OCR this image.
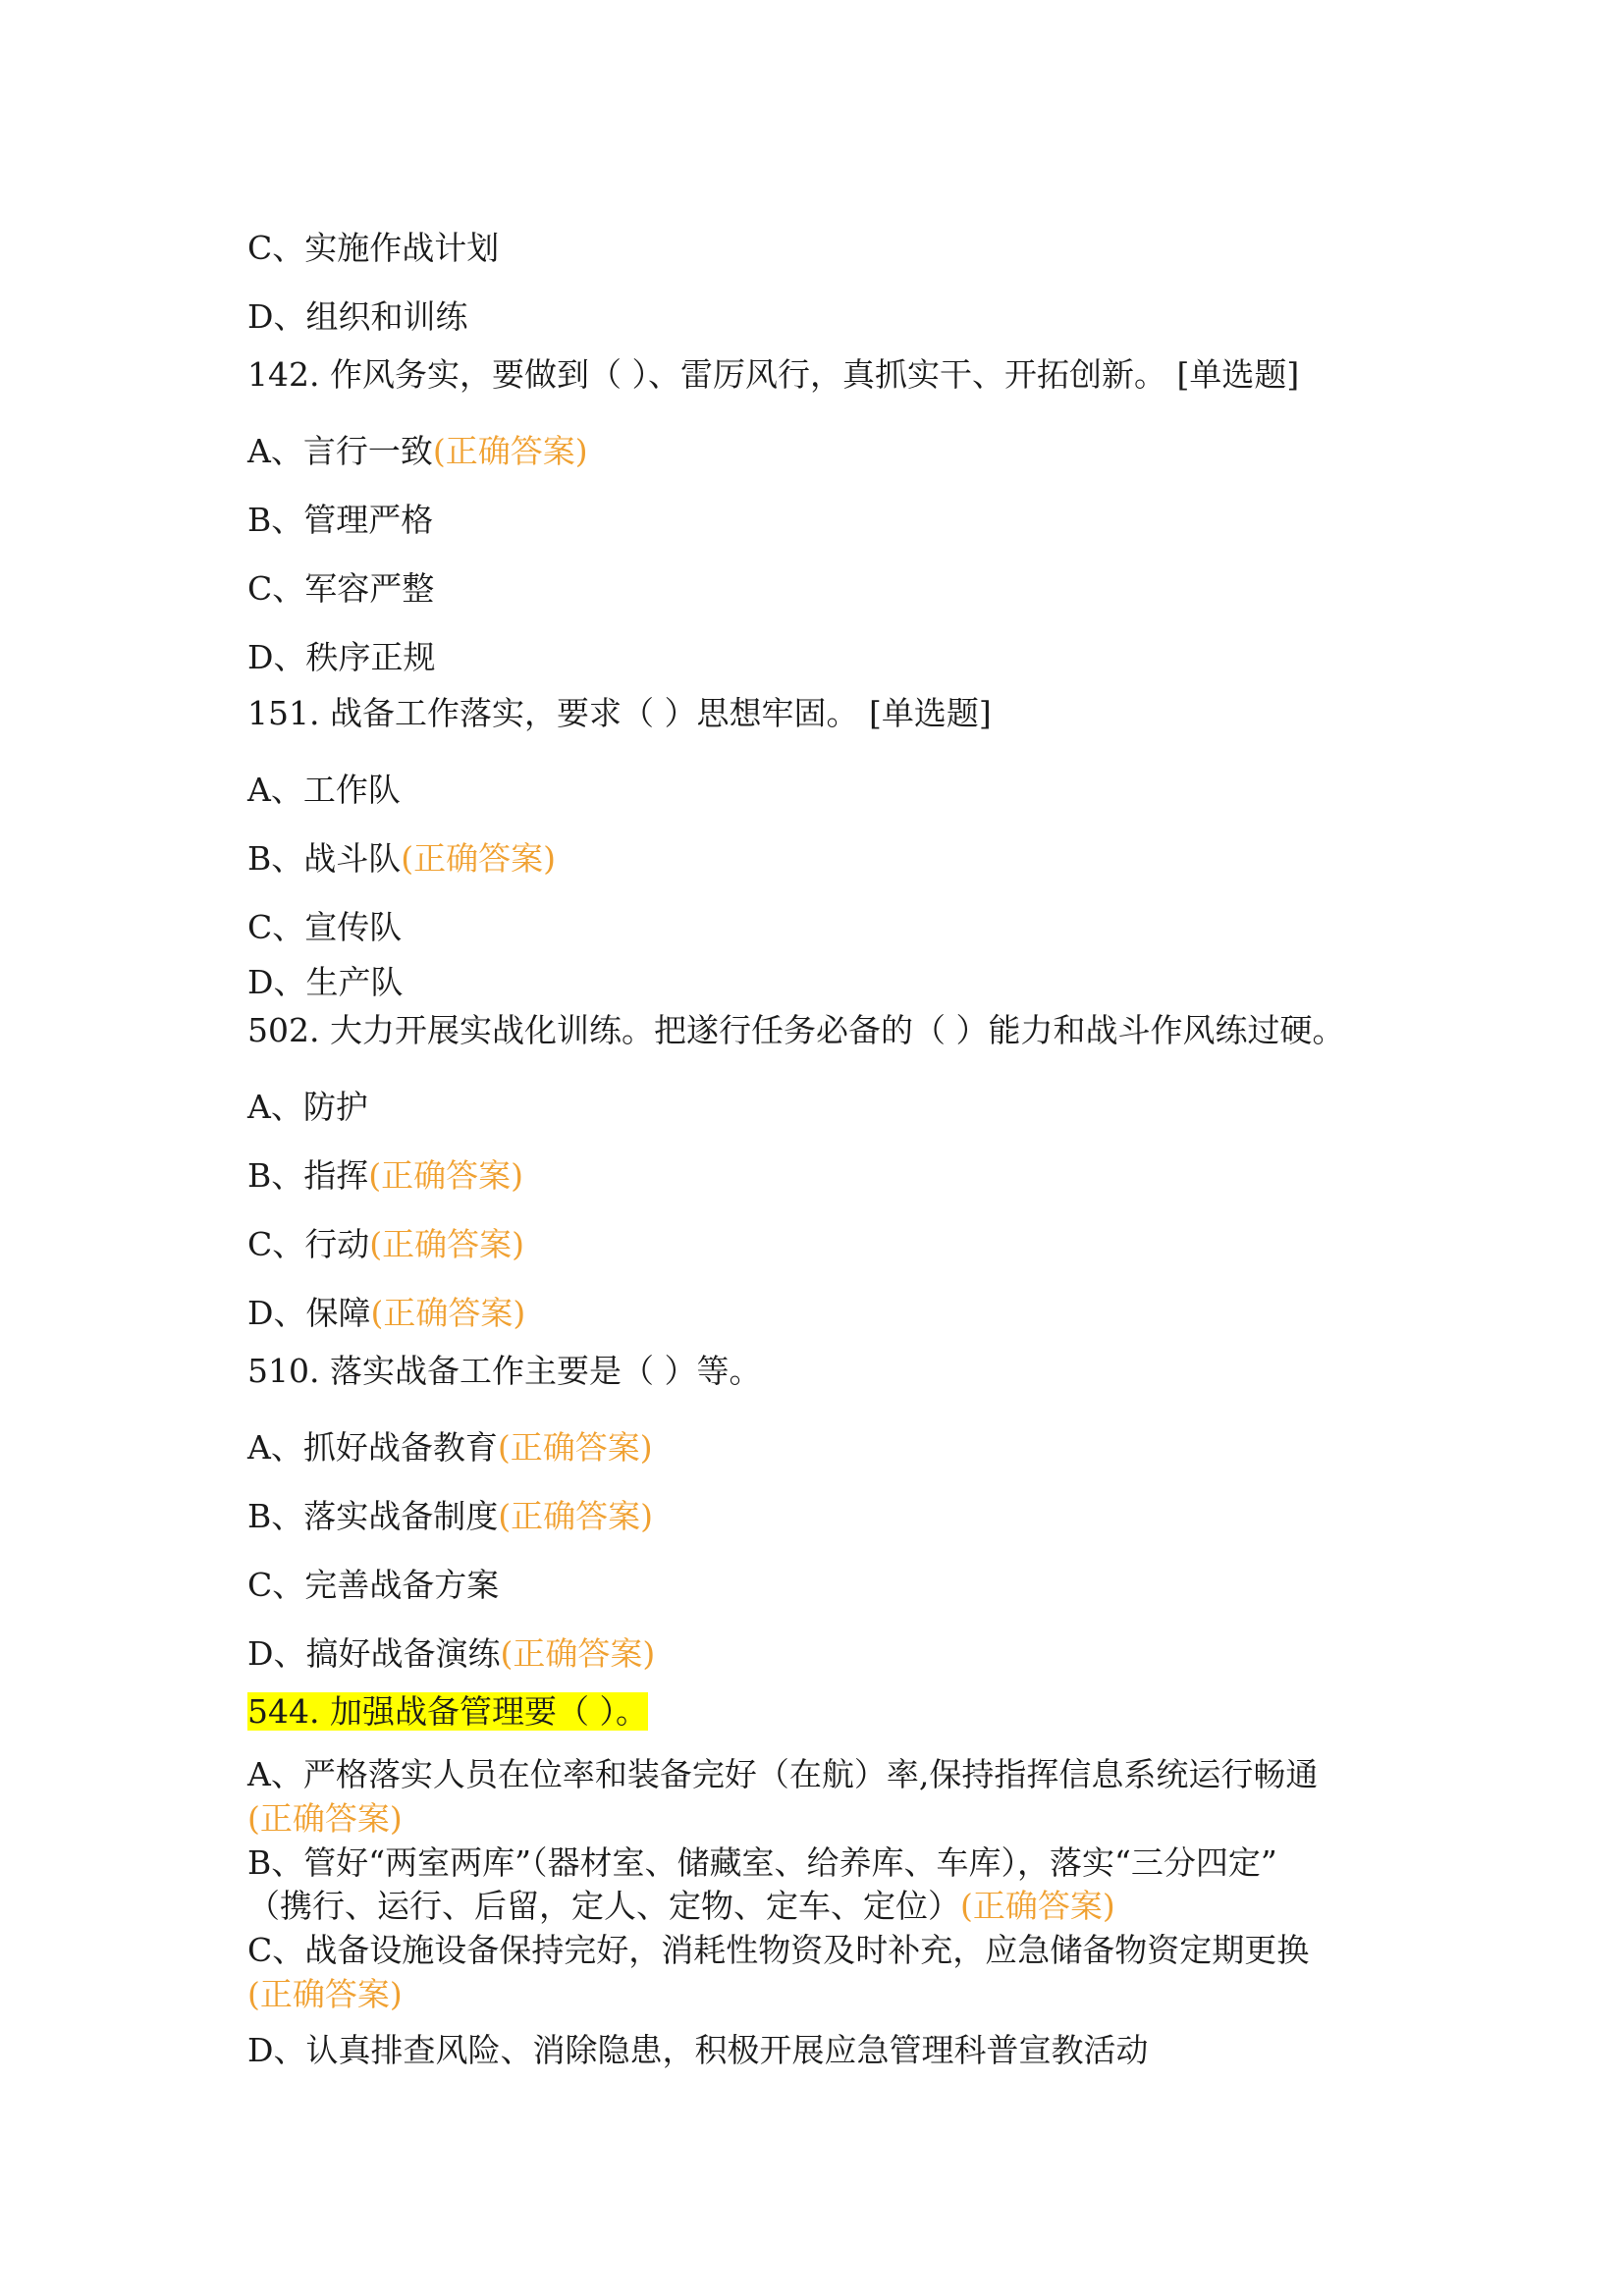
C、实施作战计划
D、组织和训练
142. 作风务实，要做到（ ）、雷厉风行，真抓实干、开拓创新。 [单选题]
A、言行一致(正确答案)
B、管理严格
C、军容严整
D、秩序正规
151. 战备工作落实，要求（ ）思想牢固。 [单选题]
A、工作队
B、战斗队(正确答案)
C、宣传队
D、生产队
502. 大力开展实战化训练。把遂行任务必备的（ ）能力和战斗作风练过硬。
A、防护
B、指挥(正确答案)
C、行动(正确答案)
D、保障(正确答案)
510. 落实战备工作主要是（ ）等。
A、抓好战备教育(正确答案)
B、落实战备制度(正确答案)
C、完善战备方案
D、搞好战备演练(正确答案)
544. 加强战备管理要（ ）。
A、严格落实人员在位率和装备完好（在航）率,保持指挥信息系统运行畅通
(正确答案)
B、管好“两室两库”（器材室、储藏室、给养库、车库），落实“三分四定”
（携行、运行、后留，定人、定物、定车、定位）(正确答案)
C、战备设施设备保持完好，消耗性物资及时补充，应急储备物资定期更换
(正确答案)
D、认真排查风险、消除隐患，积极开展应急管理科普宣教活动
